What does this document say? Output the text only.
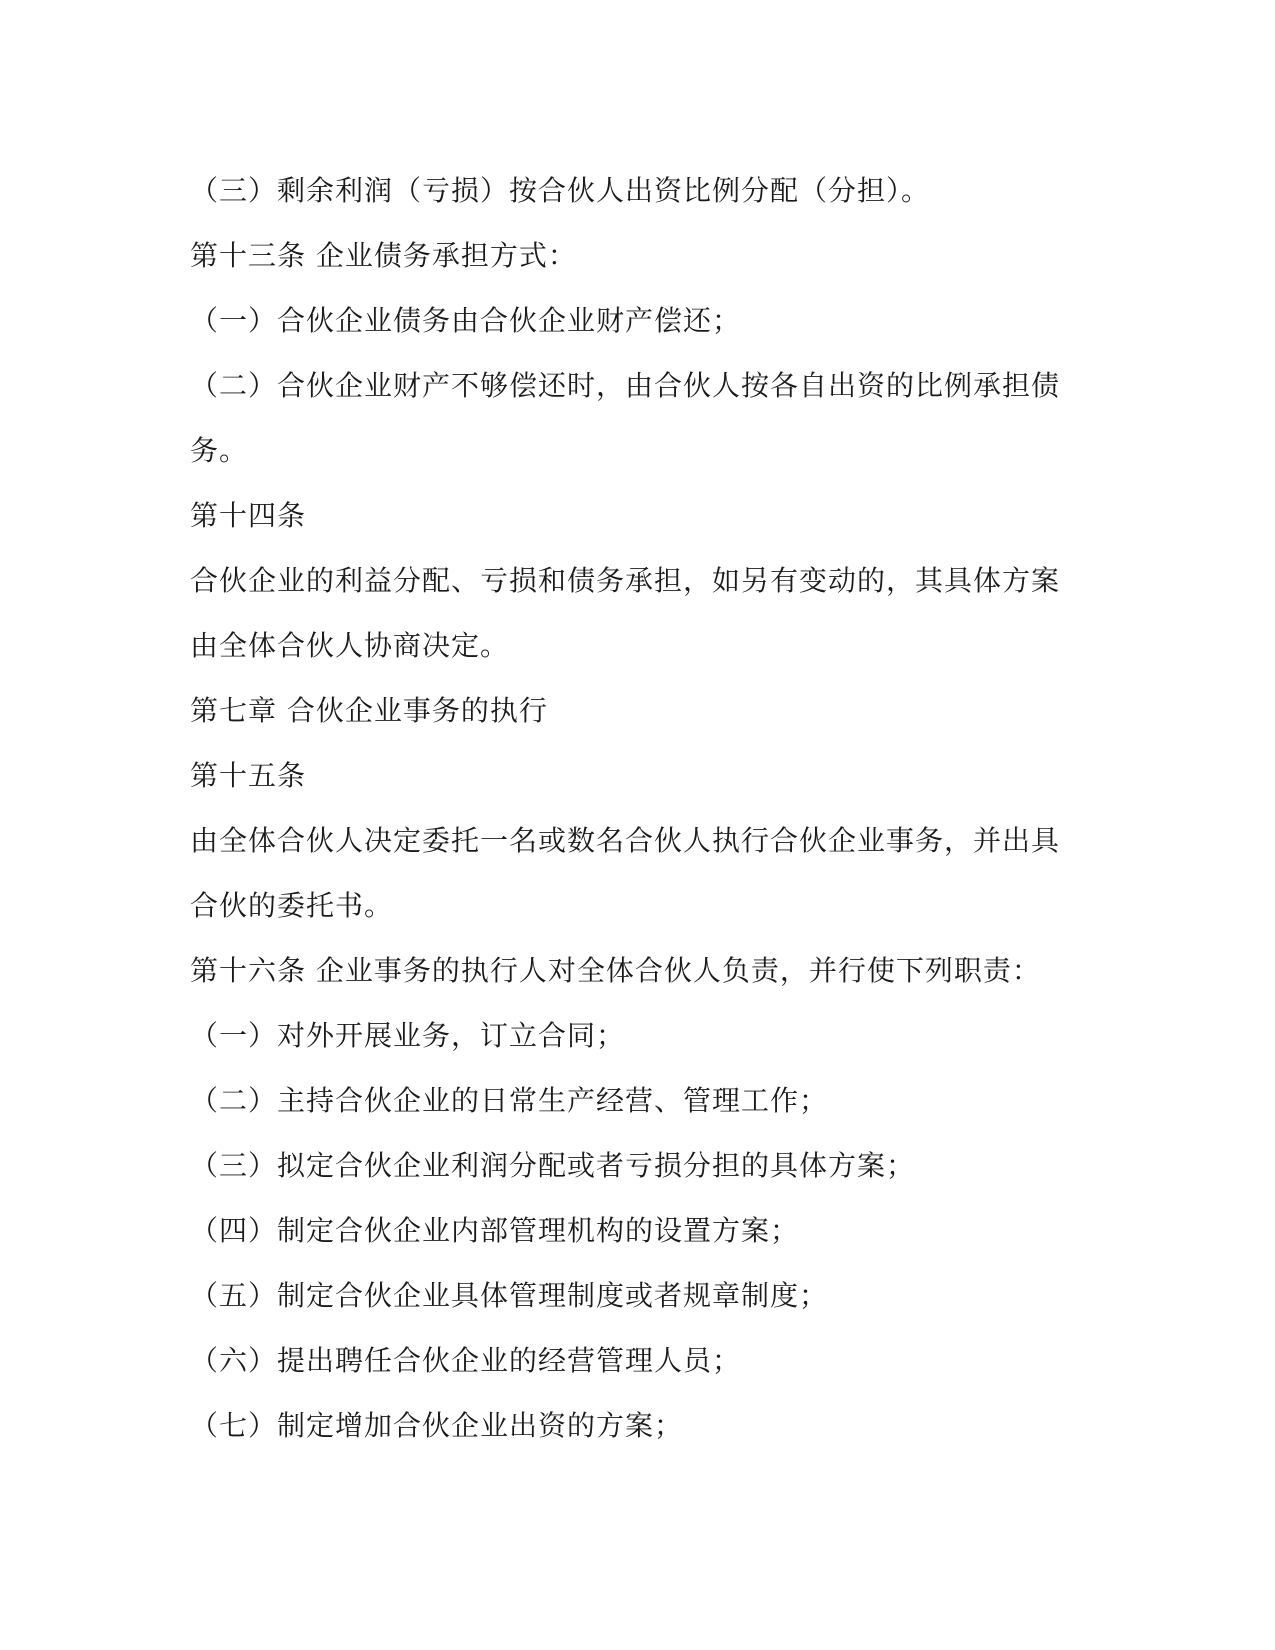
（三）剩余利润（亏损）按合伙人出资比例分配（分担）。
第十三条 企业债务承担方式：
（一）合伙企业债务由合伙企业财产偿还；
（二）合伙企业财产不够偿还时，由合伙人按各自出资的比例承担债
务。
第十四条
合伙企业的利益分配、亏损和债务承担，如另有变动的，其具体方案
由全体合伙人协商决定。
第七章 合伙企业事务的执行
第十五条
由全体合伙人决定委托一名或数名合伙人执行合伙企业事务，并出具
合伙的委托书。
第十六条 企业事务的执行人对全体合伙人负责，并行使下列职责：
（一）对外开展业务，订立合同；
（二）主持合伙企业的日常生产经营、管理工作；
（三）拟定合伙企业利润分配或者亏损分担的具体方案；
（四）制定合伙企业内部管理机构的设置方案；
（五）制定合伙企业具体管理制度或者规章制度；
（六）提出聘任合伙企业的经营管理人员；
（七）制定增加合伙企业出资的方案；
